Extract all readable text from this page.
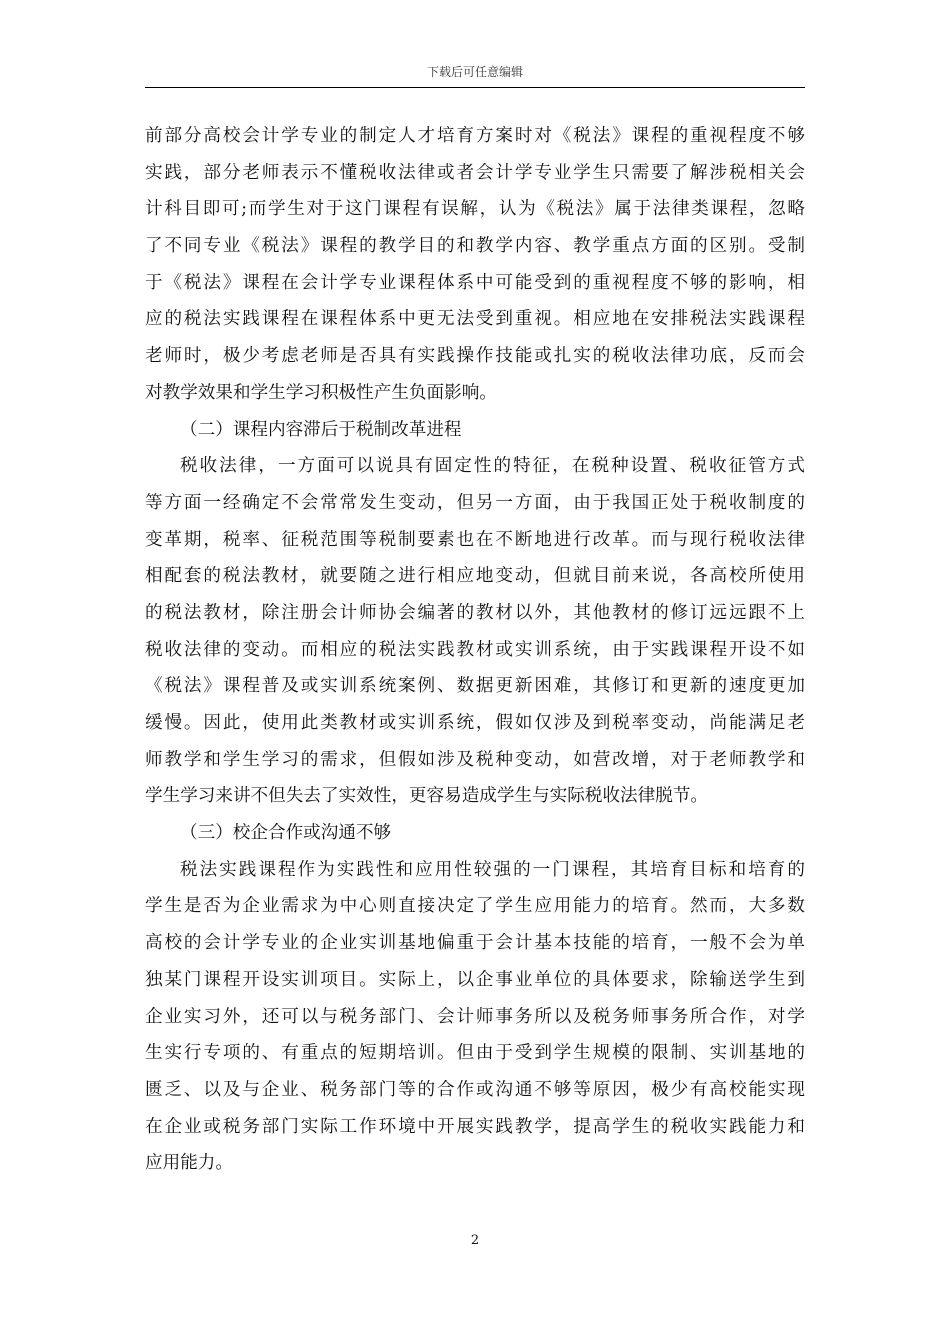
下载后可任意编辑
前部分高校会计学专业的制定人才培育方案时对《税法》课程的重视程度不够
实践，部分老师表示不懂税收法律或者会计学专业学生只需要了解涉税相关会
计科目即可;而学生对于这门课程有误解，认为《税法》属于法律类课程，忽略
了不同专业《税法》课程的教学目的和教学内容、教学重点方面的区别。受制
于《税法》课程在会计学专业课程体系中可能受到的重视程度不够的影响，相
应的税法实践课程在课程体系中更无法受到重视。相应地在安排税法实践课程
老师时，极少考虑老师是否具有实践操作技能或扎实的税收法律功底，反而会
对教学效果和学生学习积极性产生负面影响。
（二）课程内容滞后于税制改革进程
税收法律，一方面可以说具有固定性的特征，在税种设置、税收征管方式
等方面一经确定不会常常发生变动，但另一方面，由于我国正处于税收制度的
变革期，税率、征税范围等税制要素也在不断地进行改革。而与现行税收法律
相配套的税法教材，就要随之进行相应地变动，但就目前来说，各高校所使用
的税法教材，除注册会计师协会编著的教材以外，其他教材的修订远远跟不上
税收法律的变动。而相应的税法实践教材或实训系统，由于实践课程开设不如
《税法》课程普及或实训系统案例、数据更新困难，其修订和更新的速度更加
缓慢。因此，使用此类教材或实训系统，假如仅涉及到税率变动，尚能满足老
师教学和学生学习的需求，但假如涉及税种变动，如营改增，对于老师教学和
学生学习来讲不但失去了实效性，更容易造成学生与实际税收法律脱节。
（三）校企合作或沟通不够
税法实践课程作为实践性和应用性较强的一门课程，其培育目标和培育的
学生是否为企业需求为中心则直接决定了学生应用能力的培育。然而，大多数
高校的会计学专业的企业实训基地偏重于会计基本技能的培育，一般不会为单
独某门课程开设实训项目。实际上，以企事业单位的具体要求，除输送学生到
企业实习外，还可以与税务部门、会计师事务所以及税务师事务所合作，对学
生实行专项的、有重点的短期培训。但由于受到学生规模的限制、实训基地的
匮乏、以及与企业、税务部门等的合作或沟通不够等原因，极少有高校能实现
在企业或税务部门实际工作环境中开展实践教学，提高学生的税收实践能力和
应用能力。
2
